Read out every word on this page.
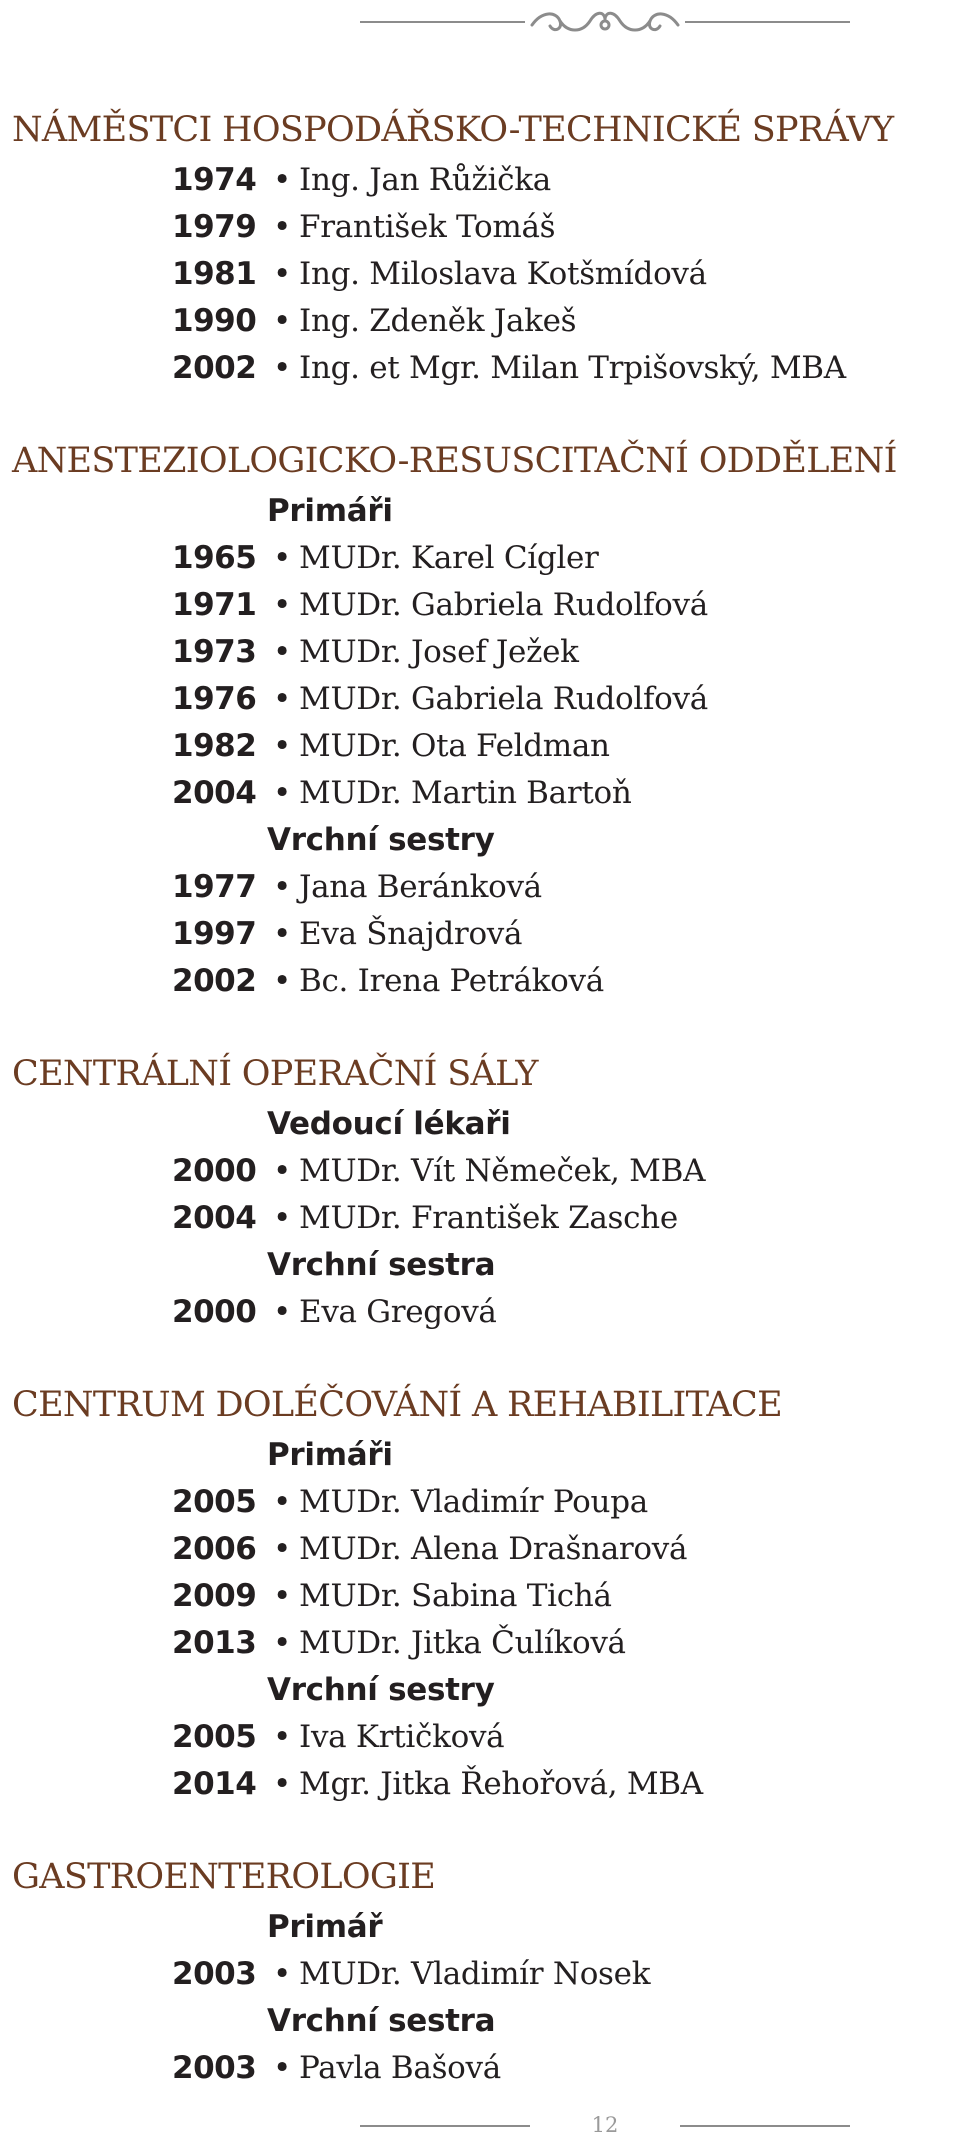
NÁMĚSTCI HOSPODÁŘSKO-TECHNICKÉ SPRÁVY
1974 • Ing. Jan Růžička
1979 • František Tomáš
1981 • Ing. Miloslava Kotšmídová
1990 • Ing. Zdeněk Jakeš
2002 • Ing. et Mgr. Milan Trpišovský, MBA
ANESTEZIOLOGICKO-RESUSCITAČNÍ ODDĚLENÍ
Primáři
1965 • MUDr. Karel Cígler
1971 • MUDr. Gabriela Rudolfová
1973 • MUDr. Josef Ježek
1976 • MUDr. Gabriela Rudolfová
1982 • MUDr. Ota Feldman
2004 • MUDr. Martin Bartoň
Vrchní sestry
1977 • Jana Beránková
1997 • Eva Šnajdrová
2002 • Bc. Irena Petráková
CENTRÁLNÍ OPERAČNÍ SÁLY
Vedoucí lékaři
2000 • MUDr. Vít Němeček, MBA
2004 • MUDr. František Zasche
Vrchní sestra
2000 • Eva Gregová
CENTRUM DOLÉČOVÁNÍ A REHABILITACE
Primáři
2005 • MUDr. Vladimír Poupa
2006 • MUDr. Alena Drašnarová
2009 • MUDr. Sabina Tichá
2013 • MUDr. Jitka Čulíková
Vrchní sestry
2005 • Iva Krtičková
2014 • Mgr. Jitka Řehořová, MBA
GASTROENTEROLOGIE
Primář
2003 • MUDr. Vladimír Nosek
Vrchní sestra
2003 • Pavla Bašová
12
